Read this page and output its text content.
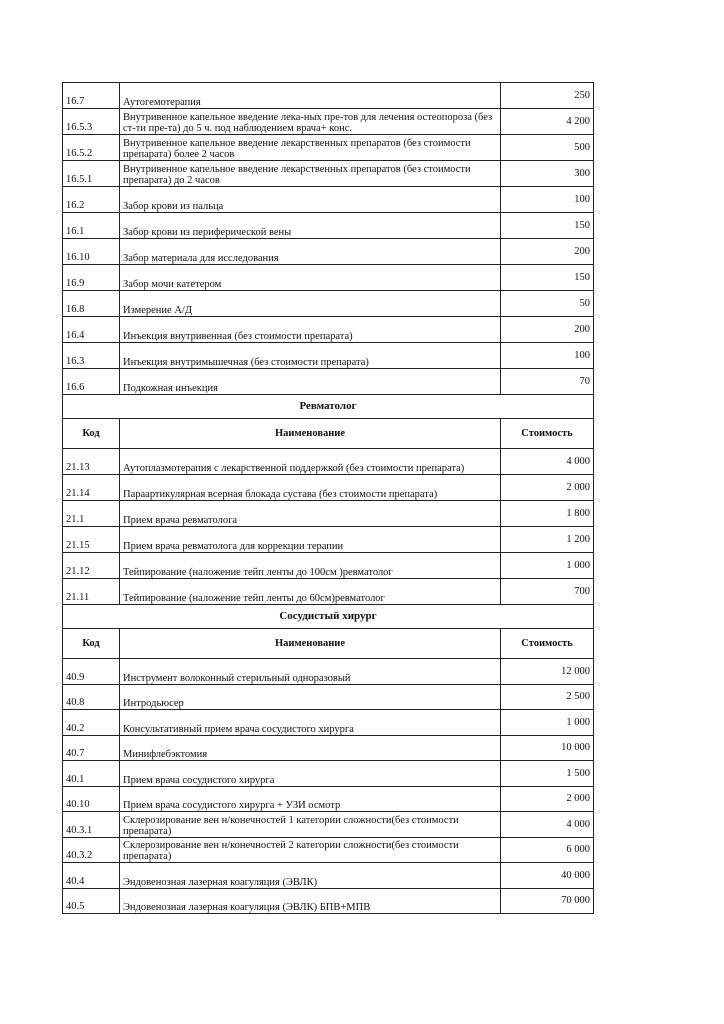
16.7	Аутогемотерапия	250
16.5.3	Внутривенное капельное введение лека-ных пре-тов для лечения остеопороза (без ст-ти пре-та) до 5 ч. под наблюдением врача+ конс.	4 200
16.5.2	Внутривенное капельное введение лекарственных препаратов (без стоимости препарата) более 2 часов	500
16.5.1	Внутривенное капельное введение лекарственных препаратов (без стоимости препарата) до 2 часов	300
16.2	Забор крови из пальца	100
16.1	Забор крови из периферической вены	150
16.10	Забор материала для исследования	200
16.9	Забор мочи катетером	150
16.8	Измерение А/Д	50
16.4	Инъекция внутривенная (без стоимости препарата)	200
16.3	Инъекция внутримышечная (без стоимости препарата)	100
16.6	Подкожная инъекция	70
Ревматолог		
Код	Наименование	Стоимость
21.13	Аутоплазмотерапия с лекарственной поддержкой (без стоимости препарата)	4 000
21.14	Параартикулярная всерная блокада сустава (без стоимости препарата)	2 000
21.1	Прием врача ревматолога	1 800
21.15	Прием врача ревматолога для коррекции терапии	1 200
21.12	Тейпирование (наложение тейп ленты до 100см )ревматолог	1 000
21.11	Тейпирование (наложение тейп ленты до 60см)ревматолог	700
Сосудистый хирург		
Код	Наименование	Стоимость
40.9	Инструмент волоконный стерильный одноразовый	12 000
40.8	Интродьюсер	2 500
40.2	Консультативный прием врача сосудистого хирурга	1 000
40.7	Минифлебэктомия	10 000
40.1	Прием врача сосудистого хирурга	1 500
40.10	Прием врача сосудистого хирурга + УЗИ осмотр	2 000
40.3.1	Склерозирование вен н/конечностей 1 категории сложности(без стоимости препарата)	4 000
40.3.2	Склерозирование вен н/конечностей 2 категории сложности(без стоимости препарата)	6 000
40.4	Эндовенозная лазерная коагуляция (ЭВЛК)	40 000
40.5	Эндовенозная лазерная коагуляция (ЭВЛК) БПВ+МПВ	70 000
